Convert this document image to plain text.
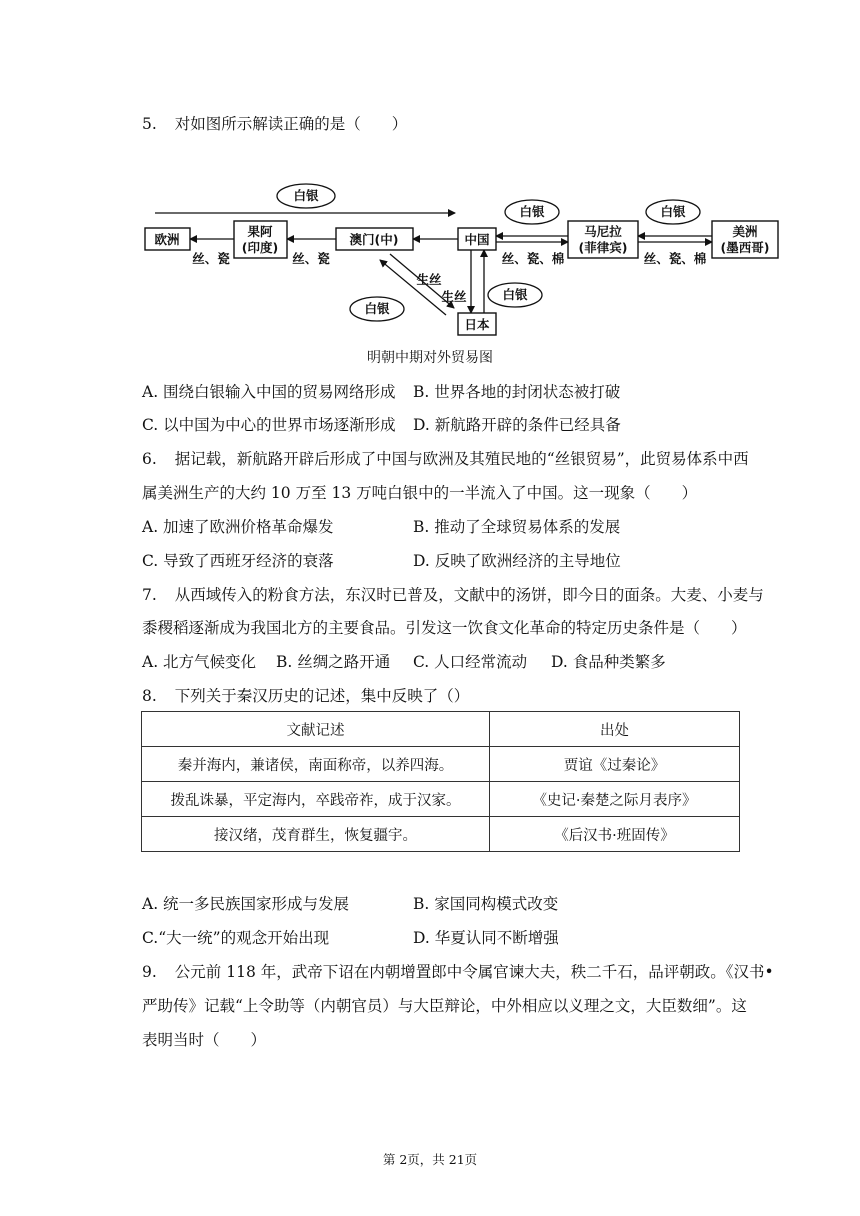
5. 对如图所示解读正确的是（　　）
欧洲
果阿
(印度)
澳门(中)	中国
马尼拉
(菲律宾)
美洲
(墨西哥)
日本
白银
白银	白银
白银
白银
丝、瓷	丝、瓷	丝、瓷、棉	丝、瓷、棉
生丝
生丝
明朝中期对外贸易图
A. 围绕白银输入中国的贸易网络形成 B. 世界各地的封闭状态被打破
C. 以中国为中心的世界市场逐渐形成 D. 新航路开辟的条件已经具备
6. 据记载，新航路开辟后形成了中国与欧洲及其殖民地的“丝银贸易”，此贸易体系中西
属美洲生产的大约 10 万至 13 万吨白银中的一半流入了中国。这一现象（　　）
A. 加速了欧洲价格革命爆发	B. 推动了全球贸易体系的发展
C. 导致了西班牙经济的衰落	D. 反映了欧洲经济的主导地位
7. 从西域传入的粉食方法，东汉时已普及，文献中的汤饼，即今日的面条。大麦、小麦与
黍稷稻逐渐成为我国北方的主要食品。引发这一饮食文化革命的特定历史条件是（　　）
A. 北方气候变化 B. 丝绸之路开通 C. 人口经常流动 D. 食品种类繁多
8. 下列关于秦汉历史的记述，集中反映了（）
文献记述	出处
秦并海内，兼诸侯，南面称帝，以养四海。	贾谊《过秦论》
拨乱诛暴，平定海内，卒践帝祚，成于汉家。	《史记·秦楚之际月表序》
接汉绪，茂育群生，恢复疆宇。	《后汉书·班固传》
A. 统一多民族国家形成与发展	B. 家国同构模式改变
C.“大一统”的观念开始出现	D. 华夏认同不断增强
9. 公元前 118 年，武帝下诏在内朝增置郎中令属官谏大夫，秩二千石，品评朝政。《汉书•
严助传》记载“上令助等（内朝官员）与大臣辩论，中外相应以义理之文，大臣数细”。这
表明当时（　　）
第 2页，共 21页
